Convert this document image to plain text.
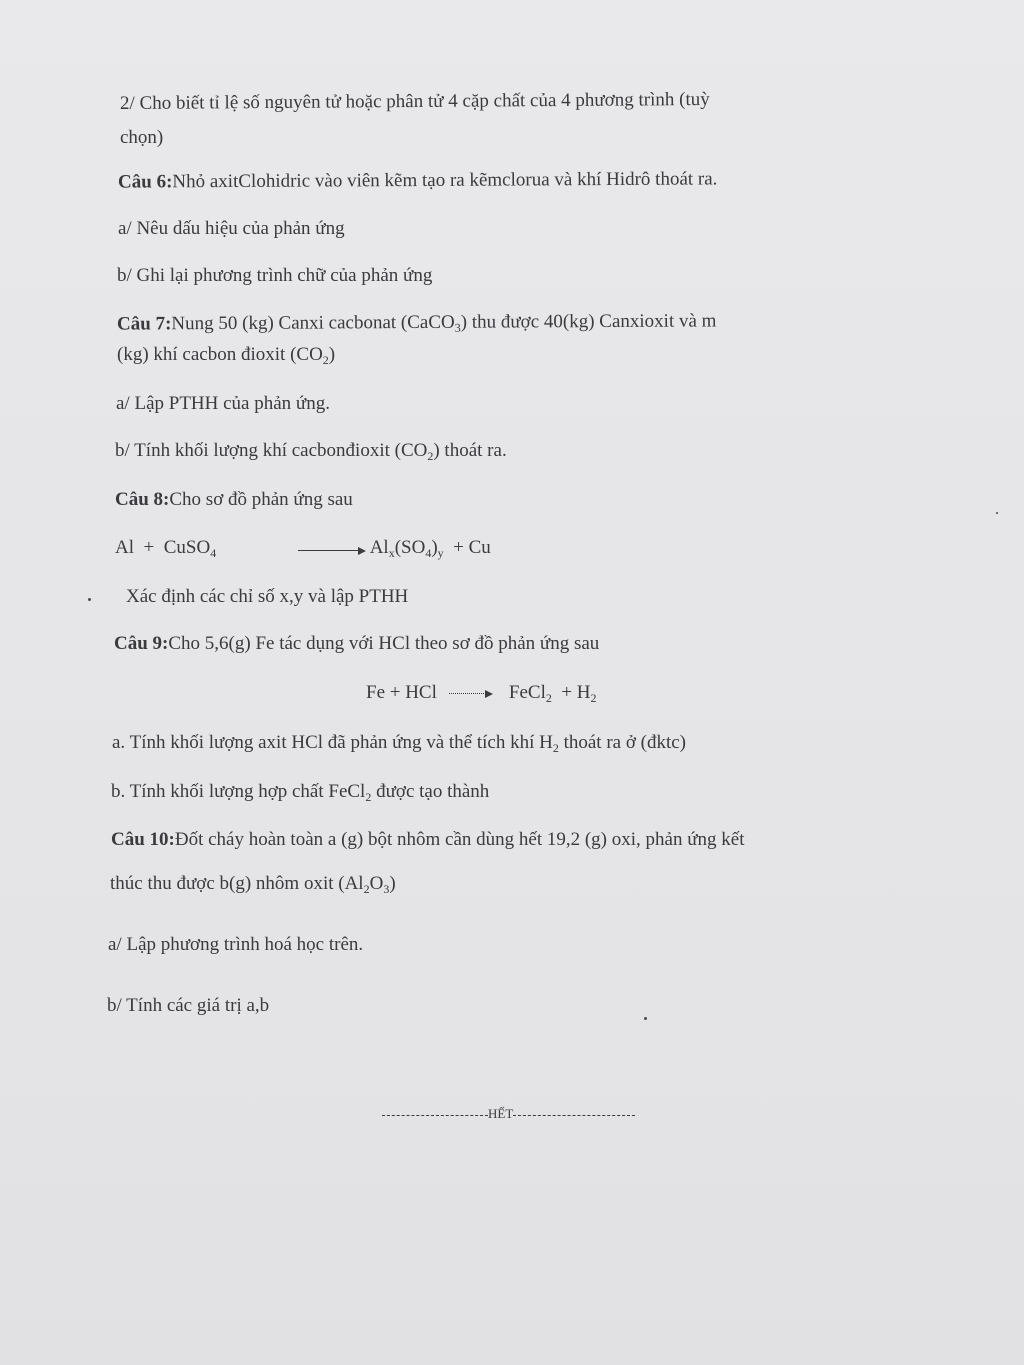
2/ Cho biết tỉ lệ số nguyên tử hoặc phân tử 4 cặp chất của 4 phương trình (tuỳ
chọn)
Câu 6:Nhỏ axitClohidric vào viên kẽm tạo ra kẽmclorua và khí Hidrô thoát ra.
a/ Nêu dấu hiệu của phản ứng
b/ Ghi lại phương trình chữ của phản ứng
Câu 7:Nung 50 (kg) Canxi cacbonat (CaCO$_3$) thu được 40(kg) Canxioxit và m
(kg) khí cacbon đioxit $(CO_2)$
a/ Lập PTHH của phản ứng.
b/ Tính khối lượng khí cacbonđioxit $(CO_2)$ thoát ra.
Câu 8:Cho sơ đồ phản ứng sau
Al  +  CuSO$_4$	$Al_x(SO_4)_y + Cu$
Xác định các chỉ số x,y và lập PTHH
Câu 9:Cho 5,6(g) Fe tác dụng với HCl theo sơ đồ phản ứng sau
Fe + HCl	FeCl$_2$  + $H_2$
a. Tính khối lượng axit HCl đã phản ứng và thể tích khí $H_2$ thoát ra ở (đktc)
b. Tính khối lượng hợp chất FeCl$_2$ được tạo thành
Câu 10:Đốt cháy hoàn toàn a (g) bột nhôm cần dùng hết 19,2 (g) oxi, phản ứng kết
thúc thu được b(g) nhôm oxit $(Al_2O_3)$
a/ Lập phương trình hoá học trên.
b/ Tính các giá trị a,b
HẾT
